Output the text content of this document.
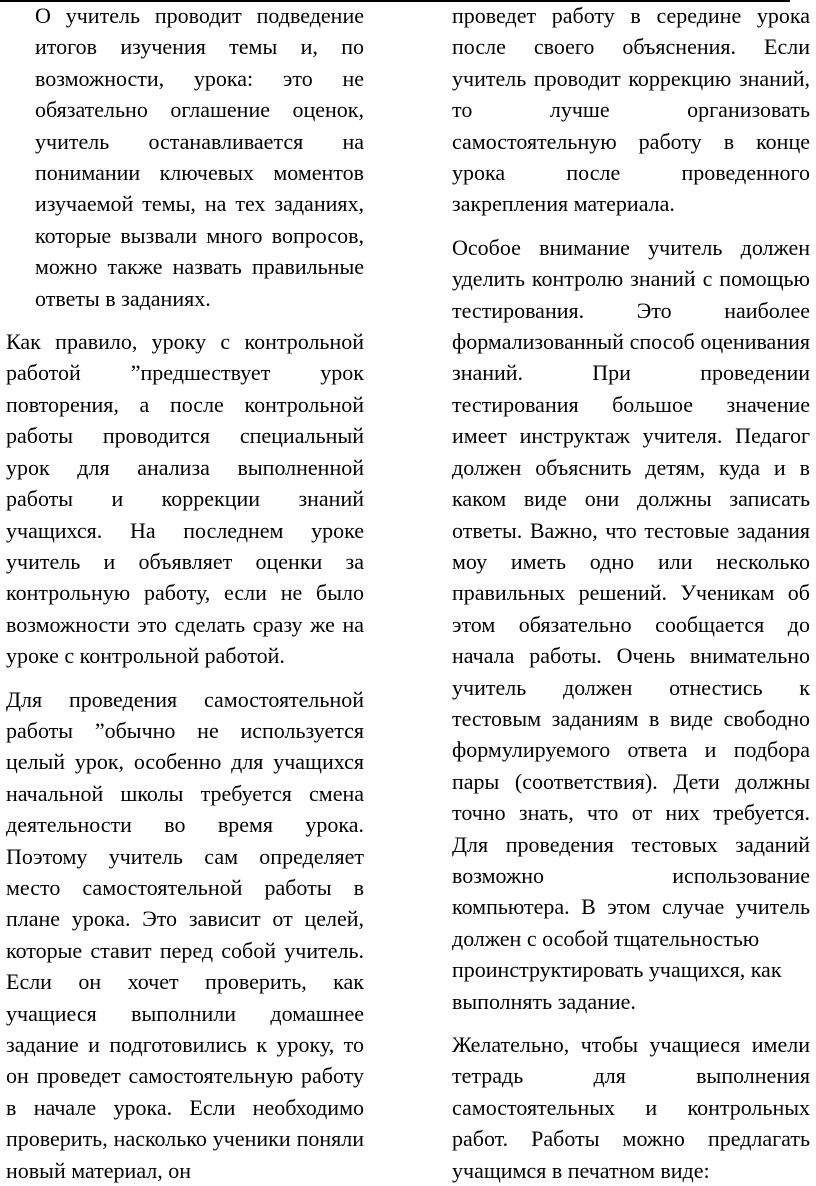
О учитель проводит подведение итогов изучения темы и, по возможности, урока: это не обязательно оглашение оценок, учитель останавливается на понимании ключевых моментов изучаемой темы, на тех заданиях, которые вызвали много вопросов, можно также назвать правильные ответы в заданиях.

Как правило, уроку с контрольной работой ”предшествует урок повторения, а после контрольной работы проводится специальный урок для анализа выполненной работы и коррекции знаний учащихся. На последнем уроке учитель и объявляет оценки за контрольную работу, если не было возможности это сделать сразу же на уроке с контрольной работой.

Для проведения самостоятельной работы ”обычно не используется целый урок, особенно для учащихся начальной школы требуется смена деятельности во время урока. Поэтому учитель сам определяет место самостоятельной работы в плане урока. Это зависит от целей, которые ставит перед собой учитель. Если он хочет проверить, как учащиеся выполнили домашнее задание и подготовились к уроку, то он проведет самостоятельную работу в начале урока. Если необходимо проверить, насколько ученики поняли новый материал, он

проведет работу в середине урока после своего объяснения. Если учитель проводит коррекцию знаний, то лучше организовать самостоятельную работу в конце урока после проведенного закрепления материала.

Особое внимание учитель должен уделить контролю знаний с помощью тестирования. Это наиболее формализованный способ оценивания знаний. При проведении тестирования большое значение имеет инструктаж учителя. Педагог должен объяснить детям, куда и в каком виде они должны записать ответы. Важно, что тестовые задания моу иметь одно или несколько правильных решений. Ученикам об этом обязательно сообщается до начала работы. Очень внимательно учитель должен отнестись к тестовым заданиям в виде свободно формулируемого ответа и подбора пары (соответствия). Дети должны точно знать, что от них требуется. Для проведения тестовых заданий возможно использование компьютера. В этом случае учитель должен с особой тщательностью

проинструктировать учащихся, как выполнять задание.

Желательно, чтобы учащиеся имели тетрадь для выполнения самостоятельных и контрольных работ. Работы можно предлагать учащимся в печатном виде:
